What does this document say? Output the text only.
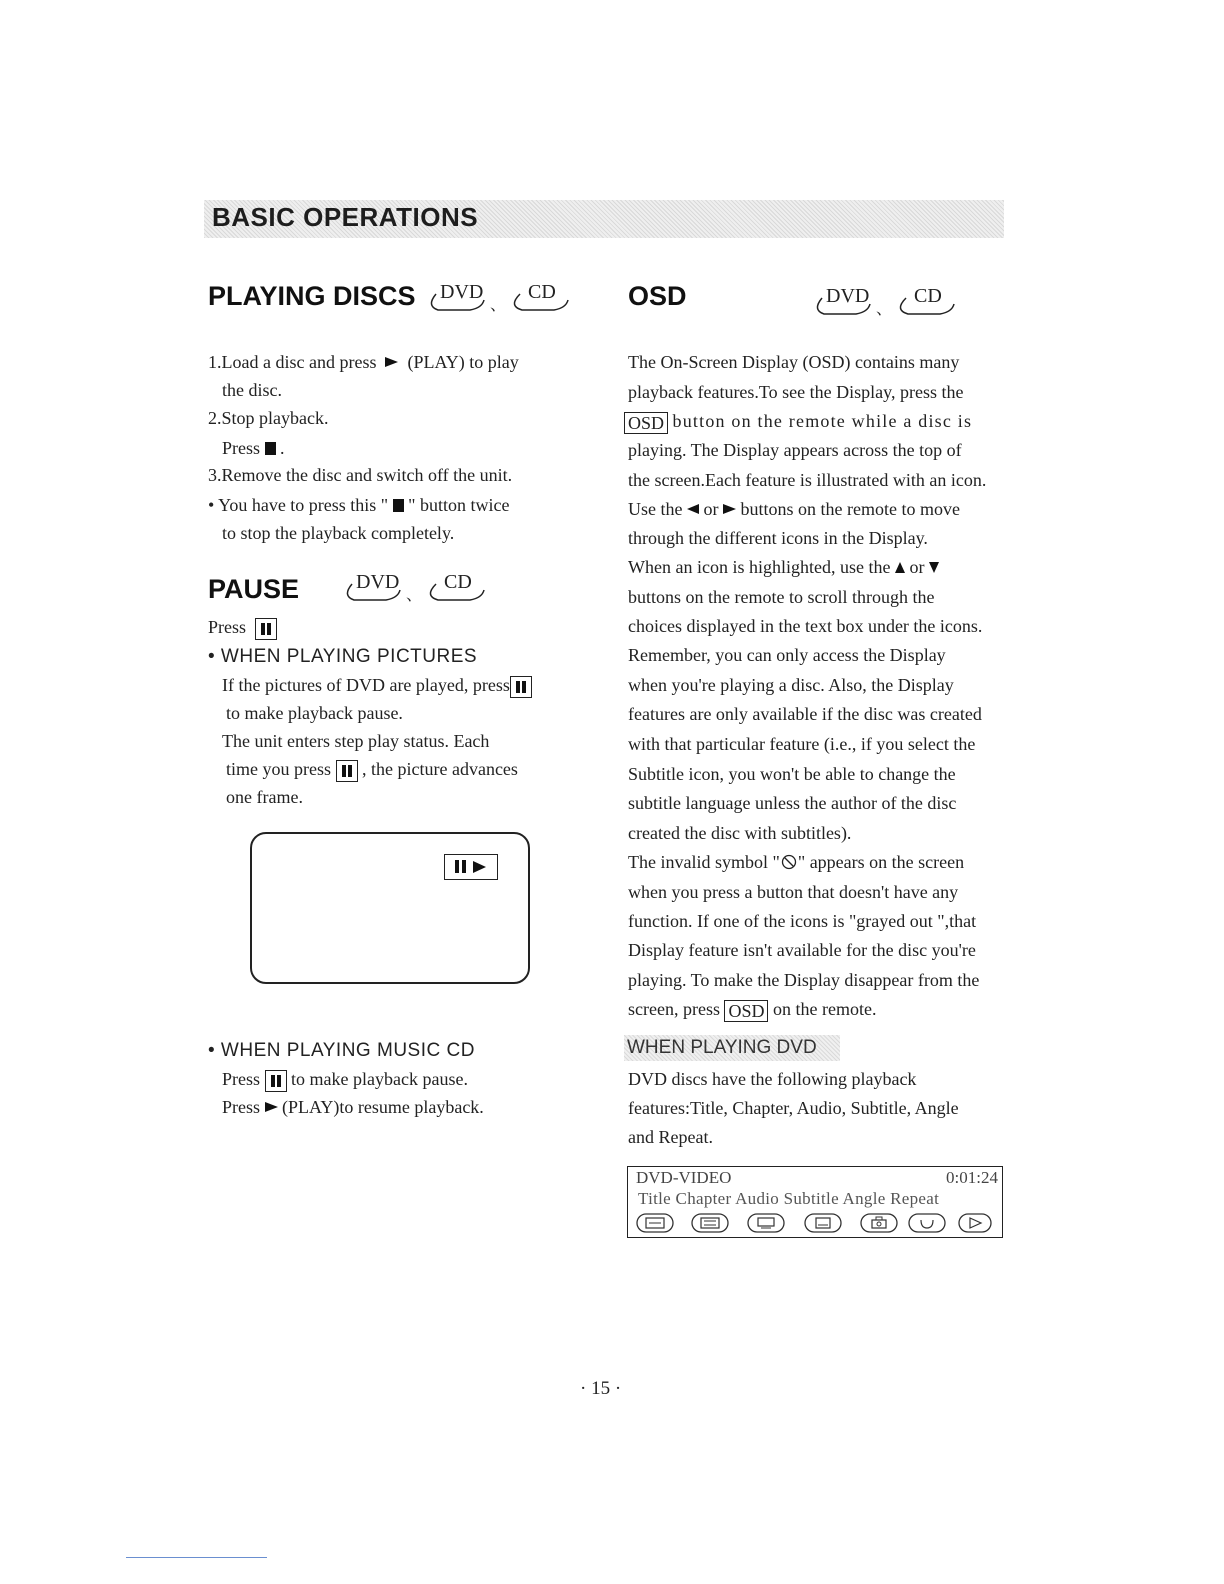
BASIC OPERATIONS
PLAYING DISCS DVD
、
CD
1.Load a disc and press (PLAY) to play
the disc.
2.Stop playback.
Press .
3.Remove the disc and switch off the unit.
• You have to press this " " button twice
to stop the playback completely.
PAUSE	DVD
、
CD
Press
• WHEN PLAYING PICTURES
If the pictures of DVD are played, press
to make playback pause.
The unit enters step play status. Each
time you press , the picture advances
one frame.
• WHEN PLAYING MUSIC CD
Press to make playback pause.
Press (PLAY)to resume playback.
OSD	DVD
、
CD
The On-Screen Display (OSD) contains many
playback features.To see the Display, press the
OSD button on the remote while a disc is
playing. The Display appears across the top of
the screen.Each feature is illustrated with an icon.
Use the or buttons on the remote to move
through the different icons in the Display.
When an icon is highlighted, use the or
buttons on the remote to scroll through the
choices displayed in the text box under the icons.
Remember, you can only access the Display
when you're playing a disc. Also, the Display
features are only available if the disc was created
with that particular feature (i.e., if you select the
Subtitle icon, you won't be able to change the
subtitle language unless the author of the disc
created the disc with subtitles).
The invalid symbol " " appears on the screen
when you press a button that doesn't have any
function. If one of the icons is "grayed out ",that
Display feature isn't available for the disc you're
playing. To make the Display disappear from the
screen, press OSD on the remote.
WHEN PLAYING DVD
DVD discs have the following playback
features:Title, Chapter, Audio, Subtitle, Angle
and Repeat.
DVD-VIDEO	0:01:24
Title Chapter Audio Subtitle Angle Repeat
· 15 ·
